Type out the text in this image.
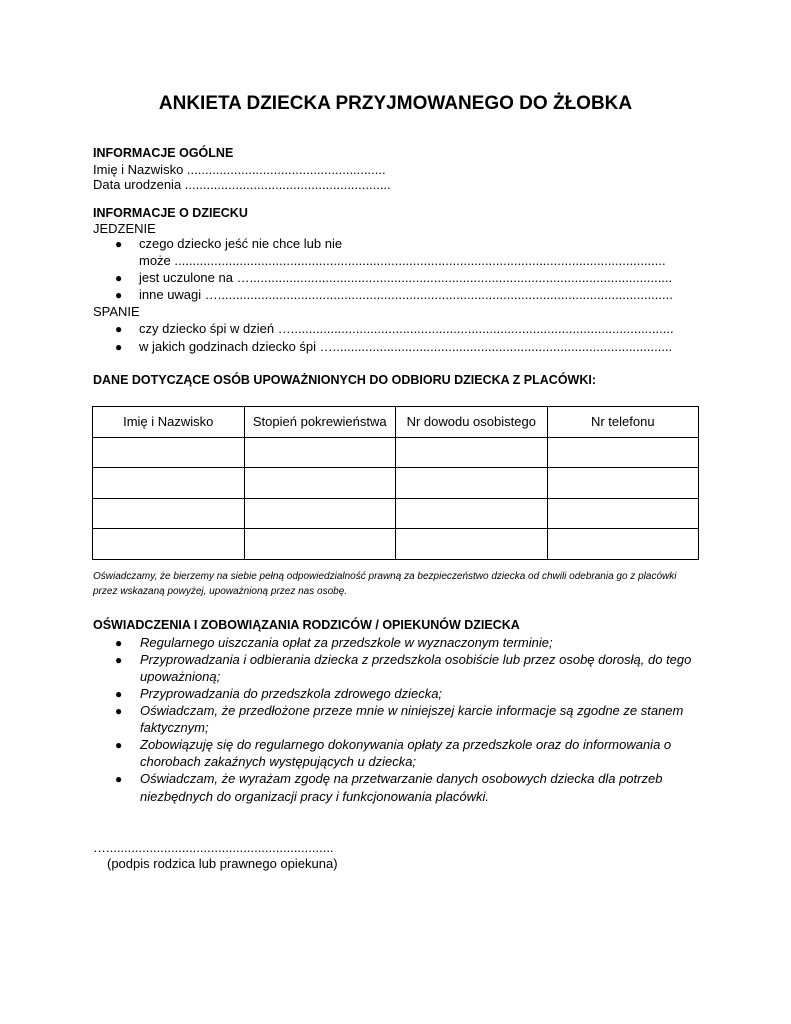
ANKIETA DZIECKA PRZYJMOWANEGO DO ŻŁOBKA
INFORMACJE OGÓLNE
Imię i Nazwisko .......................................................
Data urodzenia .........................................................
INFORMACJE O DZIECKU
JEDZENIE
● czego dziecko jeść nie chce lub nie
może ........................................................................................................................................
● jest uczulone na ….....................................................................................................................
● inne uwagi …..............................................................................................................................
SPANIE
● czy dziecko śpi w dzień …..........................................................................................................
● w jakich godzinach dziecko śpi …..............................................................................................
DANE DOTYCZĄCE OSÓB UPOWAŻNIONYCH DO ODBIORU DZIECKA Z PLACÓWKI:
Imię i Nazwisko	Stopień pokrewieństwa	Nr dowodu osobistego	Nr telefonu

Oświadczamy, że bierzemy na siebie pełną odpowiedzialność prawną za bezpieczeństwo dziecka od chwili odebrania go z placówki
przez wskazaną powyżej, upoważnioną przez nas osobę.
OŚWIADCZENIA I ZOBOWIĄZANIA RODZICÓW / OPIEKUNÓW DZIECKA
● Regularnego uiszczania opłat za przedszkole w wyznaczonym terminie;
● Przyprowadzania i odbierania dziecka z przedszkola osobiście lub przez osobę dorosłą, do tego
upoważnioną;
● Przyprowadzania do przedszkola zdrowego dziecka;
● Oświadczam, że przedłożone przeze mnie w niniejszej karcie informacje są zgodne ze stanem
faktycznym;
● Zobowiązuję się do regularnego dokonywania opłaty za przedszkole oraz do informowania o
chorobach zakaźnych występujących u dziecka;
● Oświadczam, że wyrażam zgodę na przetwarzanie danych osobowych dziecka dla potrzeb
niezbędnych do organizacji pracy i funkcjonowania placówki.
…...............................................................
(podpis rodzica lub prawnego opiekuna)
